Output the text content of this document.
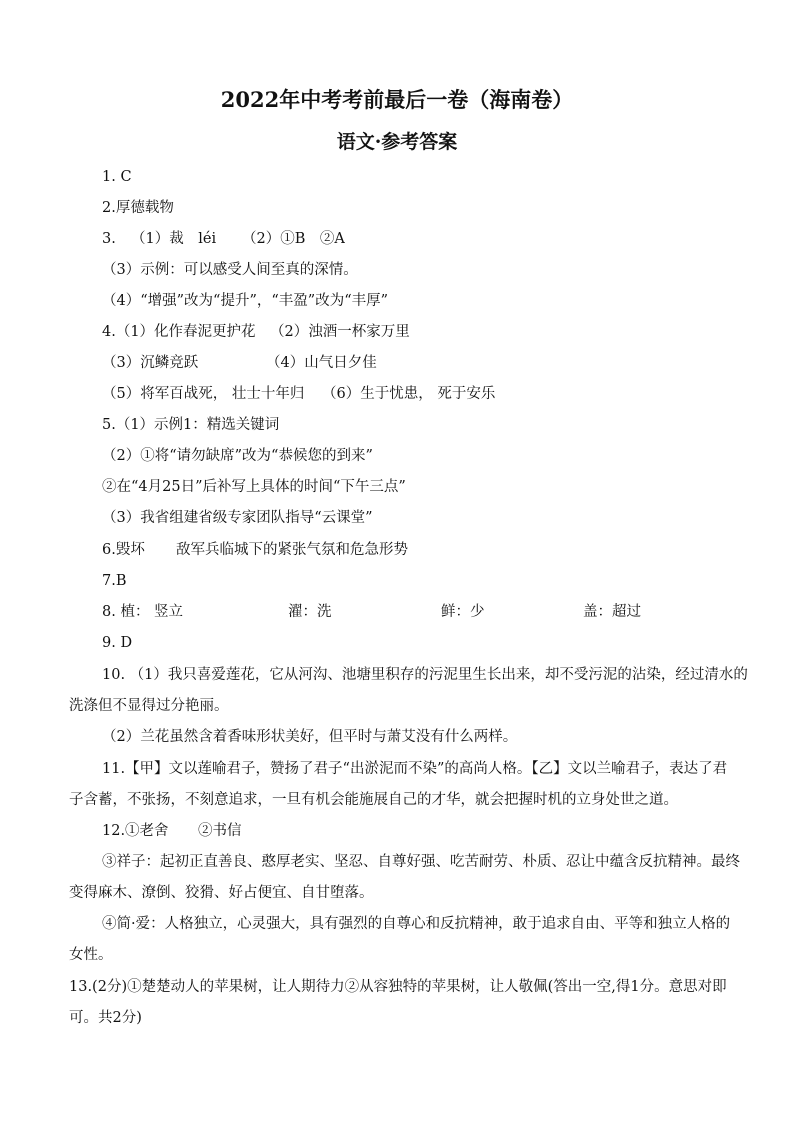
2022年中考考前最后一卷（海南卷）
语文·参考答案
1. C
2.厚德载物
3. （1）裁　léi （2）①B　②A
（3）示例：可以感受人间至真的深情。
（4）“增强”改为“提升”，“丰盈”改为“丰厚”
4.（1）化作春泥更护花 （2）浊酒一杯家万里
（3）沉鳞竞跃	（4）山气日夕佳
（5）将军百战死， 壮士十年归 （6）生于忧患， 死于安乐
5.（1）示例1：精选关键词
（2）①将“请勿缺席”改为“恭候您的到来”
②在“4月25日”后补写上具体的时间“下午三点”
（3）我省组建省级专家团队指导“云课堂”
6.毁坏 敌军兵临城下的紧张气氛和危急形势
7.B
8. 植： 竖立	濯：洗	鲜：少	盖：超过
9. D
10. （1）我只喜爱莲花，它从河沟、池塘里积存的污泥里生长出来，却不受污泥的沾染，经过清水的
洗涤但不显得过分艳丽。
（2）兰花虽然含着香味形状美好，但平时与萧艾没有什么两样。
11.【甲】文以莲喻君子，赞扬了君子“出淤泥而不染”的高尚人格。【乙】文以兰喻君子，表达了君
子含蓄，不张扬，不刻意追求，一旦有机会能施展自己的才华，就会把握时机的立身处世之道。
12.①老舍 ②书信
③祥子：起初正直善良、憨厚老实、坚忍、自尊好强、吃苦耐劳、朴质、忍让中蕴含反抗精神。最终
变得麻木、潦倒、狡猾、好占便宜、自甘堕落。
④简·爱：人格独立，心灵强大，具有强烈的自尊心和反抗精神，敢于追求自由、平等和独立人格的
女性。
13.(2分)①楚楚动人的苹果树，让人期待力②从容独特的苹果树，让人敬佩(答出一空,得1分。意思对即
可。共2分)
